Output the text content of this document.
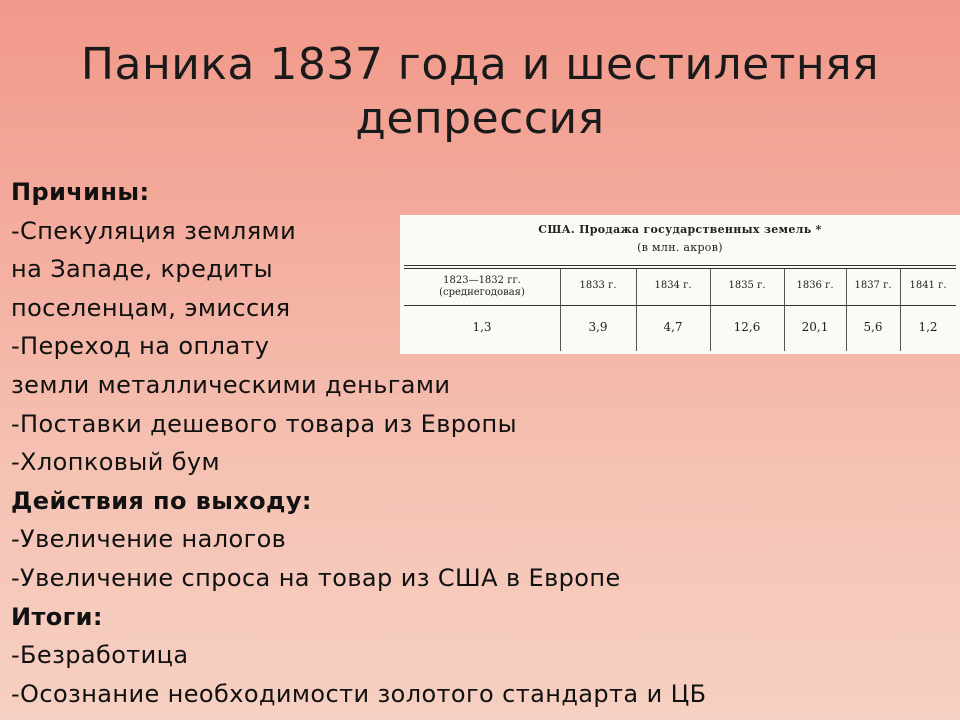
Паника 1837 года и шестилетняя
депрессия
Причины:
-Спекуляция землями
на Западе, кредиты
поселенцам, эмиссия
-Переход на оплату
земли металлическими деньгами
-Поставки дешевого товара из Европы
-Хлопковый бум
Действия по выходу:
-Увеличение налогов
-Увеличение спроса на товар из США в Европе
Итоги:
-Безработица
-Осознание необходимости золотого стандарта и ЦБ
США. Продажа государственных земель *
(в млн. акров)
1823—1832 гг.
(среднегодовая)
1833 г.	1834 г.	1835 г.	1836 г.	1837 г.	1841 г.
1,3	3,9	4,7	12,6	20,1	5,6	1,2
